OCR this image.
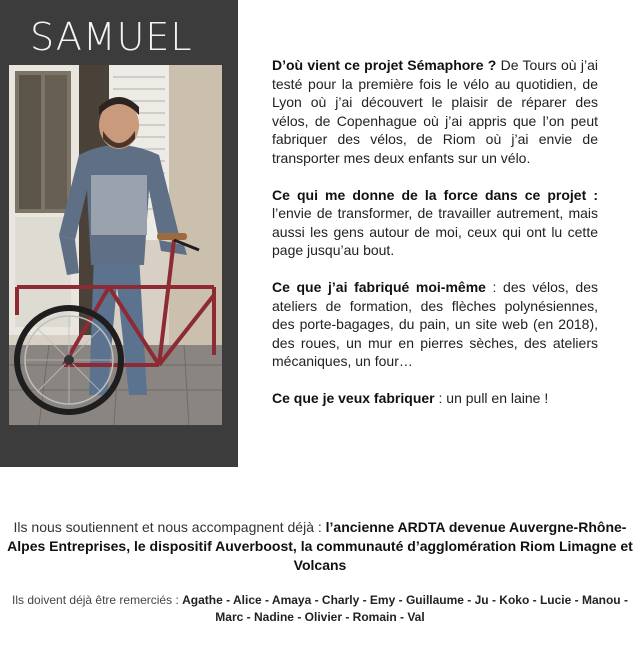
SAMUEL

D’où vient ce projet Sémaphore ? De Tours où j’ai testé pour la première fois le vélo au quotidien, de Lyon où j’ai découvert le plaisir de réparer des vélos, de Copenhague où j’ai appris que l’on peut fabriquer des vélos, de Riom où j’ai envie de transporter mes deux enfants sur un vélo.

Ce qui me donne de la force dans ce projet : l’envie de transformer, de travailler autrement, mais aussi les gens autour de moi, ceux qui ont lu cette page jusqu’au bout.

Ce que j’ai fabriqué moi-même : des vélos, des ateliers de formation, des flèches polynésiennes, des porte-bagages, du pain, un site web (en 2018), des roues, un mur en pierres sèches, des ateliers mécaniques, un four…

Ce que je veux fabriquer : un pull en laine !

Ils nous soutiennent et nous accompagnent déjà : l’ancienne ARDTA devenue Auvergne-Rhône-Alpes Entreprises, le dispositif Auverboost, la communauté d’agglomération Riom Limagne et Volcans
Ils doivent déjà être remerciés : Agathe - Alice - Amaya - Charly - Emy - Guillaume - Ju - Koko - Lucie - Manou - Marc - Nadine - Olivier - Romain - Val
